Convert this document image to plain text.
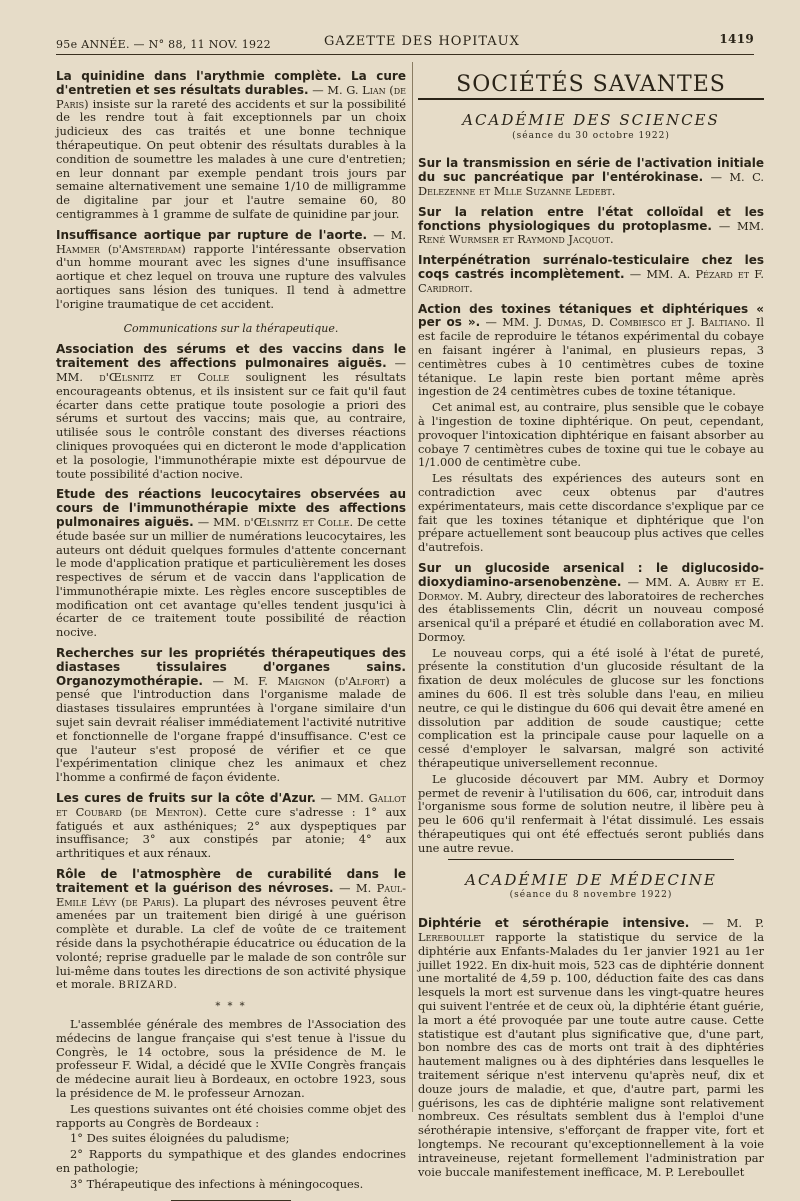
95e ANNÉE. — N° 88, 11 NOV. 1922	GAZETTE DES HOPITAUX	1419

La quinidine dans l'arythmie complète. La cure d'entretien et ses résultats durables. — M. G. Lian (de Paris) insiste sur la rareté des accidents et sur la possibilité de les rendre tout à fait exceptionnels par un choix judicieux des cas traités et une bonne technique thérapeutique. On peut obtenir des résultats durables à la condition de soumettre les malades à une cure d'entretien; en leur donnant par exemple pendant trois jours par semaine alternativement une semaine 1/10 de milligramme de digitaline par jour et l'autre semaine 60, 80 centigrammes à 1 gramme de sulfate de quinidine par jour.

Insuffisance aortique par rupture de l'aorte. — M. Hammer (d'Amsterdam) rapporte l'intéressante observation d'un homme mourant avec les signes d'une insuffisance aortique et chez lequel on trouva une rupture des valvules aortiques sans lésion des tuniques. Il tend à admettre l'origine traumatique de cet accident.

Communications sur la thérapeutique.

Association des sérums et des vaccins dans le traitement des affections pulmonaires aiguës. — MM. d'Œlsnitz et Colle soulignent les résultats encourageants obtenus, et ils insistent sur ce fait qu'il faut écarter dans cette pratique toute posologie a priori des sérums et surtout des vaccins; mais que, au contraire, utilisée sous le contrôle constant des diverses réactions cliniques provoquées qui en dicteront le mode d'application et la posologie, l'immunothérapie mixte est dépourvue de toute possibilité d'action nocive.

Etude des réactions leucocytaires observées au cours de l'immunothérapie mixte des affections pulmonaires aiguës. — MM. d'Œlsnitz et Colle. De cette étude basée sur un millier de numérations leucocytaires, les auteurs ont déduit quelques formules d'attente concernant le mode d'application pratique et particulièrement les doses respectives de sérum et de vaccin dans l'application de l'immunothérapie mixte. Les règles encore susceptibles de modification ont cet avantage qu'elles tendent jusqu'ici à écarter de ce traitement toute possibilité de réaction nocive.

Recherches sur les propriétés thérapeutiques des diastases tissulaires d'organes sains. Organozymothérapie. — M. F. Maignon (d'Alfort) a pensé que l'introduction dans l'organisme malade de diastases tissulaires empruntées à l'organe similaire d'un sujet sain devrait réaliser immédiatement l'activité nutritive et fonctionnelle de l'organe frappé d'insuffisance. C'est ce que l'auteur s'est proposé de vérifier et ce que l'expérimentation clinique chez les animaux et chez l'homme a confirmé de façon évidente.

Les cures de fruits sur la côte d'Azur. — MM. Gallot et Coubard (de Menton). Cette cure s'adresse : 1° aux fatigués et aux asthéniques; 2° aux dyspeptiques par insuffisance; 3° aux constipés par atonie; 4° aux arthritiques et aux rénaux.

Rôle de l'atmosphère de curabilité dans le traitement et la guérison des névroses. — M. Paul-Emile Lévy (de Paris). La plupart des névroses peuvent être amenées par un traitement bien dirigé à une guérison complète et durable. La clef de voûte de ce traitement réside dans la psychothérapie éducatrice ou éducation de la volonté; reprise graduelle par le malade de son contrôle sur lui-même dans toutes les directions de son activité physique et morale. BRIZARD.

* * *

L'assemblée générale des membres de l'Association des médecins de langue française qui s'est tenue à l'issue du Congrès, le 14 octobre, sous la présidence de M. le professeur F. Widal, a décidé que le XVIIe Congrès français de médecine aurait lieu à Bordeaux, en octobre 1923, sous la présidence de M. le professeur Arnozan.

Les questions suivantes ont été choisies comme objet des rapports au Congrès de Bordeaux :

1° Des suites éloignées du paludisme;

2° Rapports du sympathique et des glandes endocrines en pathologie;

3° Thérapeutique des infections à méningocoques.

SOCIÉTÉS SAVANTES
ACADÉMIE DES SCIENCES
(séance du 30 octobre 1922)

Sur la transmission en série de l'activation initiale du suc pancréatique par l'entérokinase. — M. C. Delezenne et Mlle Suzanne Ledebt.

Sur la relation entre l'état colloïdal et les fonctions physiologiques du protoplasme. — MM. René Wurmser et Raymond Jacquot.

Interpénétration surrénalo-testiculaire chez les coqs castrés incomplètement. — MM. A. Pézard et F. Caridroit.

Action des toxines tétaniques et diphtériques « per os ». — MM. J. Dumas, D. Combiesco et J. Baltiano. Il est facile de reproduire le tétanos expérimental du cobaye en faisant ingérer à l'animal, en plusieurs repas, 3 centimètres cubes à 10 centimètres cubes de toxine tétanique. Le lapin reste bien portant même après ingestion de 24 centimètres cubes de toxine tétanique.

Cet animal est, au contraire, plus sensible que le cobaye à l'ingestion de toxine diphtérique. On peut, cependant, provoquer l'intoxication diphtérique en faisant absorber au cobaye 7 centimètres cubes de toxine qui tue le cobaye au 1/1.000 de centimètre cube.

Les résultats des expériences des auteurs sont en contradiction avec ceux obtenus par d'autres expérimentateurs, mais cette discordance s'explique par ce fait que les toxines tétanique et diphtérique que l'on prépare actuellement sont beaucoup plus actives que celles d'autrefois.

Sur un glucoside arsenical : le diglucosido-dioxydiamino-arsenobenzène. — MM. A. Aubry et E. Dormoy. M. Aubry, directeur des laboratoires de recherches des établissements Clin, décrit un nouveau composé arsenical qu'il a préparé et étudié en collaboration avec M. Dormoy.

Le nouveau corps, qui a été isolé à l'état de pureté, présente la constitution d'un glucoside résultant de la fixation de deux molécules de glucose sur les fonctions amines du 606. Il est très soluble dans l'eau, en milieu neutre, ce qui le distingue du 606 qui devait être amené en dissolution par addition de soude caustique; cette complication est la principale cause pour laquelle on a cessé d'employer le salvarsan, malgré son activité thérapeutique universellement reconnue.

Le glucoside découvert par MM. Aubry et Dormoy permet de revenir à l'utilisation du 606, car, introduit dans l'organisme sous forme de solution neutre, il libère peu à peu le 606 qu'il renfermait à l'état dissimulé. Les essais thérapeutiques qui ont été effectués seront publiés dans une autre revue.

ACADÉMIE DE MÉDECINE
(séance du 8 novembre 1922)

Diphtérie et sérothérapie intensive. — M. P. Lereboullet rapporte la statistique du service de la diphtérie aux Enfants-Malades du 1er janvier 1921 au 1er juillet 1922. En dix-huit mois, 523 cas de diphtérie donnent une mortalité de 4,59 p. 100, déduction faite des cas dans lesquels la mort est survenue dans les vingt-quatre heures qui suivent l'entrée et de ceux où, la diphtérie étant guérie, la mort a été provoquée par une toute autre cause. Cette statistique est d'autant plus significative que, d'une part, bon nombre des cas de morts ont trait à des diphtéries hautement malignes ou à des diphtéries dans lesquelles le traitement sérique n'est intervenu qu'après neuf, dix et douze jours de maladie, et que, d'autre part, parmi les guérisons, les cas de diphtérie maligne sont relativement nombreux. Ces résultats semblent dus à l'emploi d'une sérothérapie intensive, s'efforçant de frapper vite, fort et longtemps. Ne recourant qu'exceptionnellement à la voie intraveineuse, rejetant formellement l'administration par voie buccale manifestement inefficace, M. P. Lereboullet
